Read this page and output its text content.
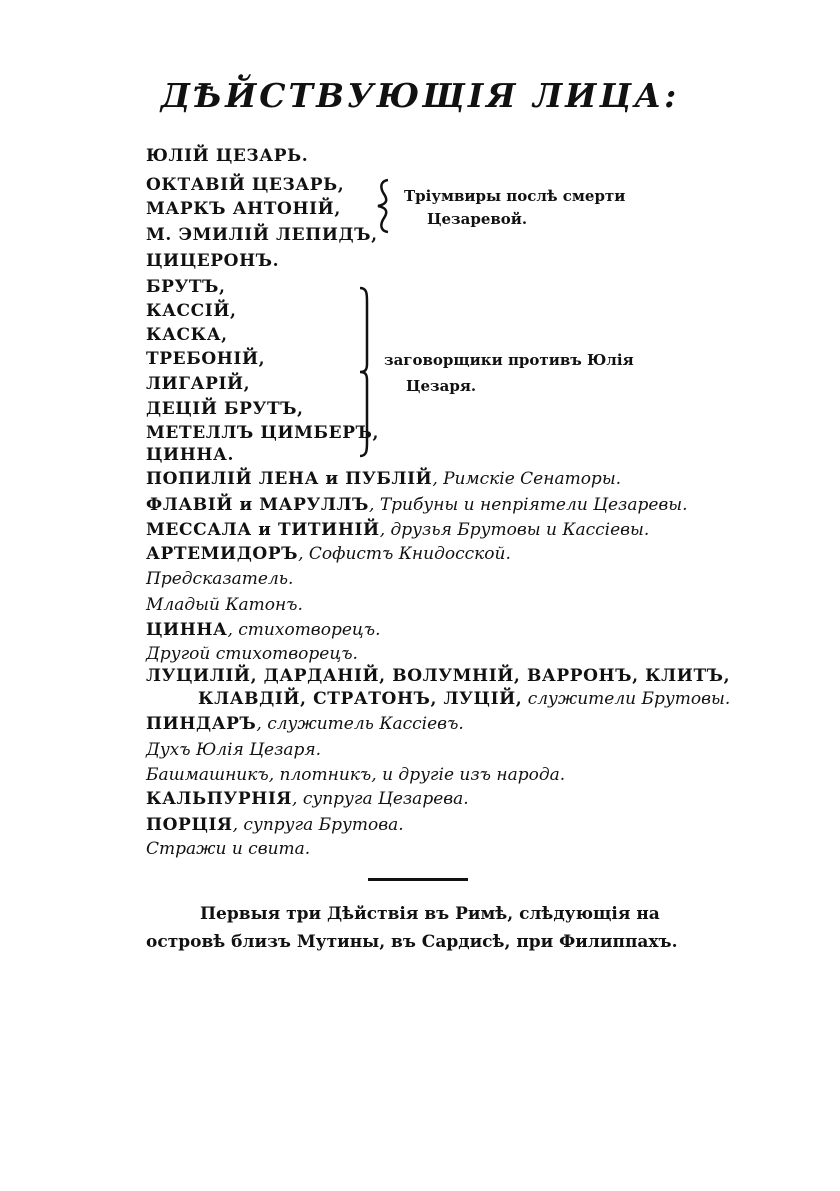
ДѢЙСТВУЮЩІЯ ЛИЦА:
ЮЛІЙ ЦЕЗАРЬ.
ОКТАВІЙ ЦЕЗАРЬ,
МАРКЪ АНТОНІЙ,
М. ЭМИЛІЙ ЛЕПИДЪ,
Тріумвиры послѣ смерти
Цезаревой.
ЦИЦЕРОНЪ.
БРУТЪ,
КАССІЙ,
КАСКА,
ТРЕБОНІЙ,
ЛИГАРІЙ,
ДЕЦІЙ БРУТЪ,
МЕТЕЛЛЪ ЦИМБЕРЪ,
ЦИННА.
заговорщики противъ Юлія
Цезаря.
ПОПИЛІЙ ЛЕНА и ПУБЛІЙ, Римскіе Сенаторы.
ФЛАВІЙ и МАРУЛЛЪ, Трибуны и непріятели Цезаревы.
МЕССАЛА и ТИТИНІЙ, друзья Брутовы и Кассіевы.
АРТЕМИДОРЪ, Софистъ Книдосской.
Предсказатель.
Младый Катонъ.
ЦИННА, стихотворецъ.
Другой стихотворецъ.
ЛУЦИЛІЙ, ДАРДАНІЙ, ВОЛУМНІЙ, ВАРРОНЪ, КЛИТЪ,
КЛАВДІЙ, СТРАТОНЪ, ЛУЦІЙ, служители Брутовы.
ПИНДАРЪ, служитель Кассіевъ.
Духъ Юлія Цезаря.
Башмашникъ, плотникъ, и другіе изъ народа.
КАЛЬПУРНІЯ, супруга Цезарева.
ПОРЦІЯ, супруга Брутова.
Стражи и свита.
Первыя три Дѣйствія въ Римѣ, слѣдующія на
островѣ близъ Мутины, въ Сардисѣ, при Филиппахъ.
